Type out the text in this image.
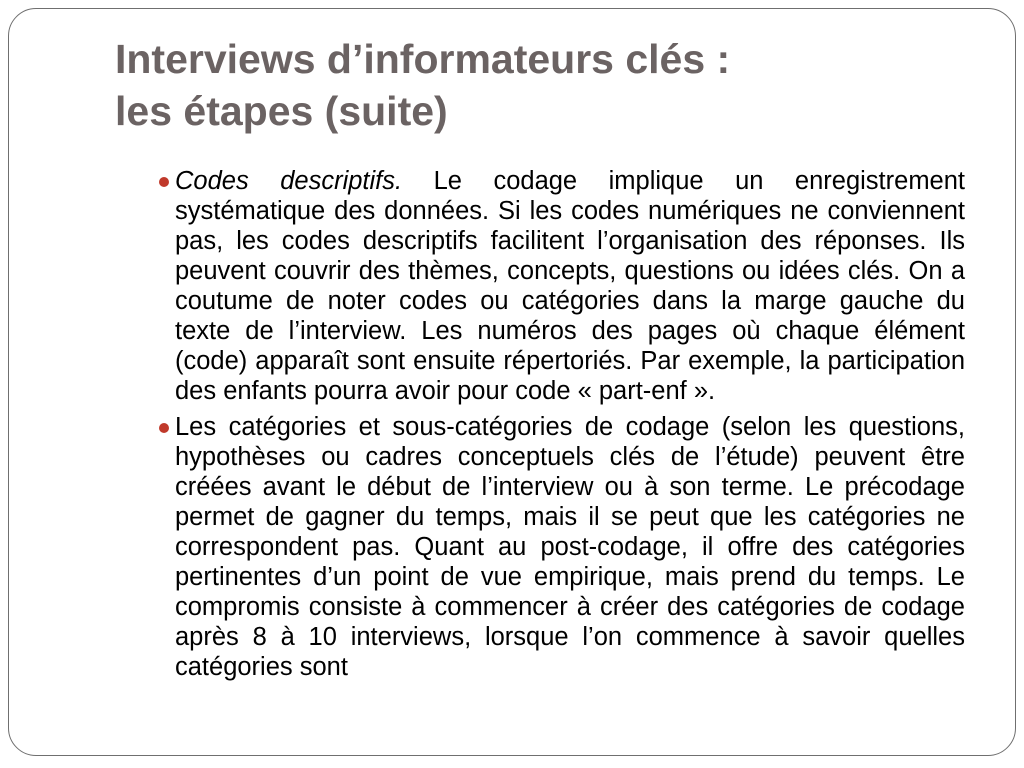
Interviews d’informateurs clés :
les étapes (suite)
Codes descriptifs. Le codage implique un enregistrement systématique des données. Si les codes numériques ne conviennent pas, les codes descriptifs facilitent l’organisation des réponses. Ils peuvent couvrir des thèmes, concepts, questions ou idées clés. On a coutume de noter codes ou catégories dans la marge gauche du texte de l’interview. Les numéros des pages où chaque élément (code) apparaît sont ensuite répertoriés. Par exemple, la participation des enfants pourra avoir pour code « part-enf ».
Les catégories et sous-catégories de codage (selon les questions, hypothèses ou cadres conceptuels clés de l’étude) peuvent être créées avant le début de l’interview ou à son terme. Le précodage permet de gagner du temps, mais il se peut que les catégories ne correspondent pas. Quant au post-codage, il offre des catégories pertinentes d’un point de vue empirique, mais prend du temps. Le compromis consiste à commencer à créer des catégories de codage après 8 à 10 interviews, lorsque l’on commence à savoir quelles catégories sont
